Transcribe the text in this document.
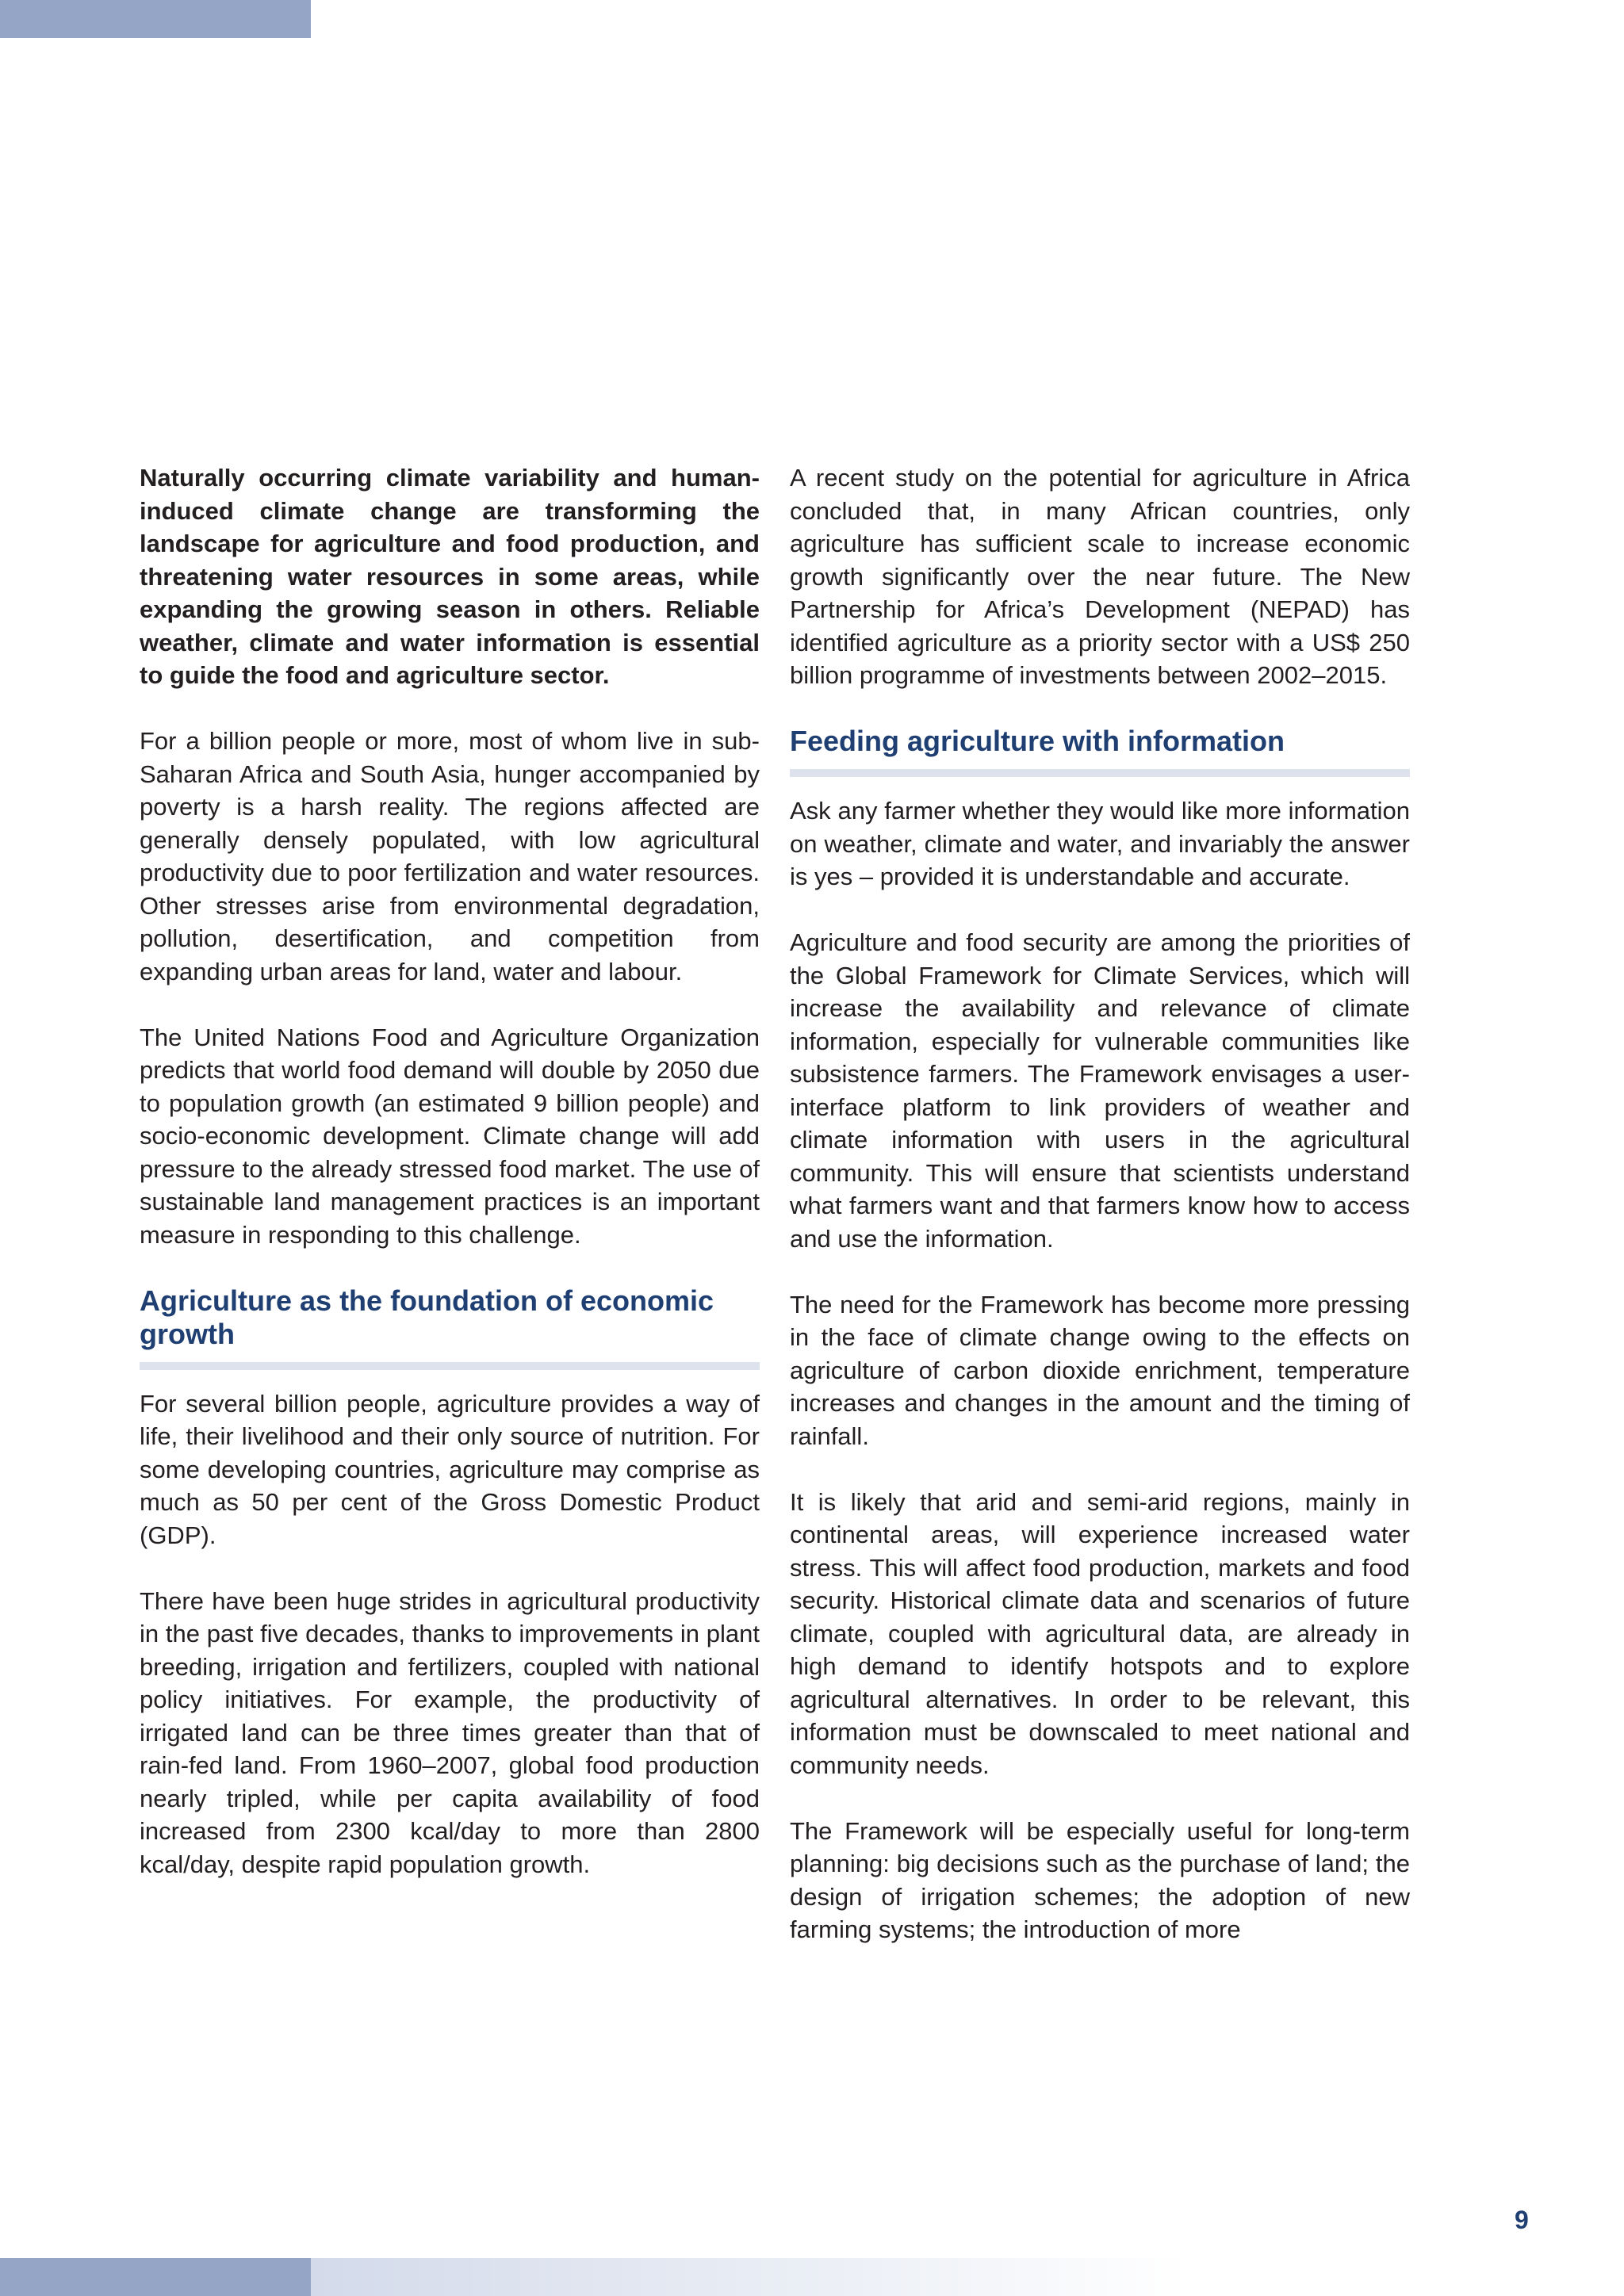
Naturally occurring climate variability and human-induced climate change are transforming the landscape for agriculture and food production, and threatening water resources in some areas, while expanding the growing season in others. Reliable weather, climate and water information is essential to guide the food and agriculture sector.

For a billion people or more, most of whom live in sub-Saharan Africa and South Asia, hunger accompanied by poverty is a harsh reality. The regions affected are generally densely populated, with low agricultural productivity due to poor fertilization and water resources. Other stresses arise from environmental degradation, pollution, desertification, and competition from expanding urban areas for land, water and labour.

The United Nations Food and Agriculture Organization predicts that world food demand will double by 2050 due to population growth (an estimated 9 billion people) and socio-economic development. Climate change will add pressure to the already stressed food market. The use of sustainable land management practices is an important measure in responding to this challenge.

Agriculture as the foundation of economic growth

For several billion people, agriculture provides a way of life, their livelihood and their only source of nutrition. For some developing countries, agriculture may comprise as much as 50 per cent of the Gross Domestic Product (GDP).

There have been huge strides in agricultural productivity in the past five decades, thanks to improvements in plant breeding, irrigation and fertilizers, coupled with national policy initiatives. For example, the productivity of irrigated land can be three times greater than that of rain-fed land. From 1960–2007, global food production nearly tripled, while per capita availability of food increased from 2300 kcal/day to more than 2800 kcal/day, despite rapid population growth.

A recent study on the potential for agriculture in Africa concluded that, in many African countries, only agriculture has sufficient scale to increase economic growth significantly over the near future. The New Partnership for Africa’s Development (NEPAD) has identified agriculture as a priority sector with a US$ 250 billion programme of investments between 2002–2015.

Feeding agriculture with information

Ask any farmer whether they would like more information on weather, climate and water, and invariably the answer is yes – provided it is understandable and accurate.

Agriculture and food security are among the priorities of the Global Framework for Climate Services, which will increase the availability and relevance of climate information, especially for vulnerable communities like subsistence farmers. The Framework envisages a user-interface platform to link providers of weather and climate information with users in the agricultural community. This will ensure that scientists understand what farmers want and that farmers know how to access and use the information.

The need for the Framework has become more pressing in the face of climate change owing to the effects on agriculture of carbon dioxide enrichment, temperature increases and changes in the amount and the timing of rainfall.

It is likely that arid and semi-arid regions, mainly in continental areas, will experience increased water stress. This will affect food production, markets and food security. Historical climate data and scenarios of future climate, coupled with agricultural data, are already in high demand to identify hotspots and to explore agricultural alternatives. In order to be relevant, this information must be downscaled to meet national and community needs.

The Framework will be especially useful for long-term planning: big decisions such as the purchase of land; the design of irrigation schemes; the adoption of new farming systems; the introduction of more

9
